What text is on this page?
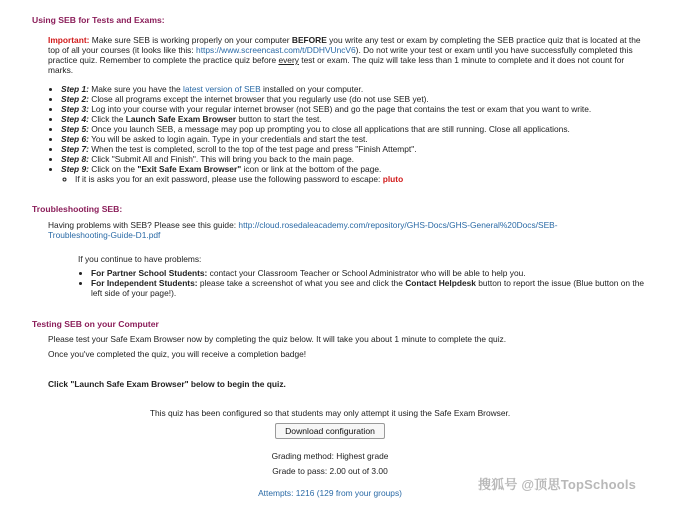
Using SEB for Tests and Exams:
Important: Make sure SEB is working properly on your computer BEFORE you write any test or exam by completing the SEB practice quiz that is located at the top of all your courses (it looks like this: https://www.screencast.com/t/DDHVUncV6). Do not write your test or exam until you have successfully completed this practice quiz. Remember to complete the practice quiz before every test or exam. The quiz will take less than 1 minute to complete and it does not count for marks.
• Step 1: Make sure you have the latest version of SEB installed on your computer.
• Step 2: Close all programs except the internet browser that you regularly use (do not use SEB yet).
• Step 3: Log into your course with your regular internet browser (not SEB) and go the page that contains the test or exam that you want to write.
• Step 4: Click the Launch Safe Exam Browser button to start the test.
• Step 5: Once you launch SEB, a message may pop up prompting you to close all applications that are still running. Close all applications.
• Step 6: You will be asked to login again. Type in your credentials and start the test.
• Step 7: When the test is completed, scroll to the top of the test page and press "Finish Attempt".
• Step 8: Click "Submit All and Finish". This will bring you back to the main page.
• Step 9: Click on the "Exit Safe Exam Browser" icon or link at the bottom of the page.
◦ If it is asks you for an exit password, please use the following password to escape: pluto
Troubleshooting SEB:
Having problems with SEB? Please see this guide: http://cloud.rosedaleacademy.com/repository/GHS-Docs/GHS-General%20Docs/SEB-Troubleshooting-Guide-D1.pdf
If you continue to have problems:
• For Partner School Students: contact your Classroom Teacher or School Administrator who will be able to help you.
• For Independent Students: please take a screenshot of what you see and click the Contact Helpdesk button to report the issue (Blue button on the left side of your page!).
Testing SEB on your Computer
Please test your Safe Exam Browser now by completing the quiz below. It will take you about 1 minute to complete the quiz.
Once you've completed the quiz, you will receive a completion badge!
Click "Launch Safe Exam Browser" below to begin the quiz.
This quiz has been configured so that students may only attempt it using the Safe Exam Browser.
Download configuration
Grading method: Highest grade
Grade to pass: 2.00 out of 3.00
Attempts: 1216 (129 from your groups)
搜狐号 @顶思TopSchools
